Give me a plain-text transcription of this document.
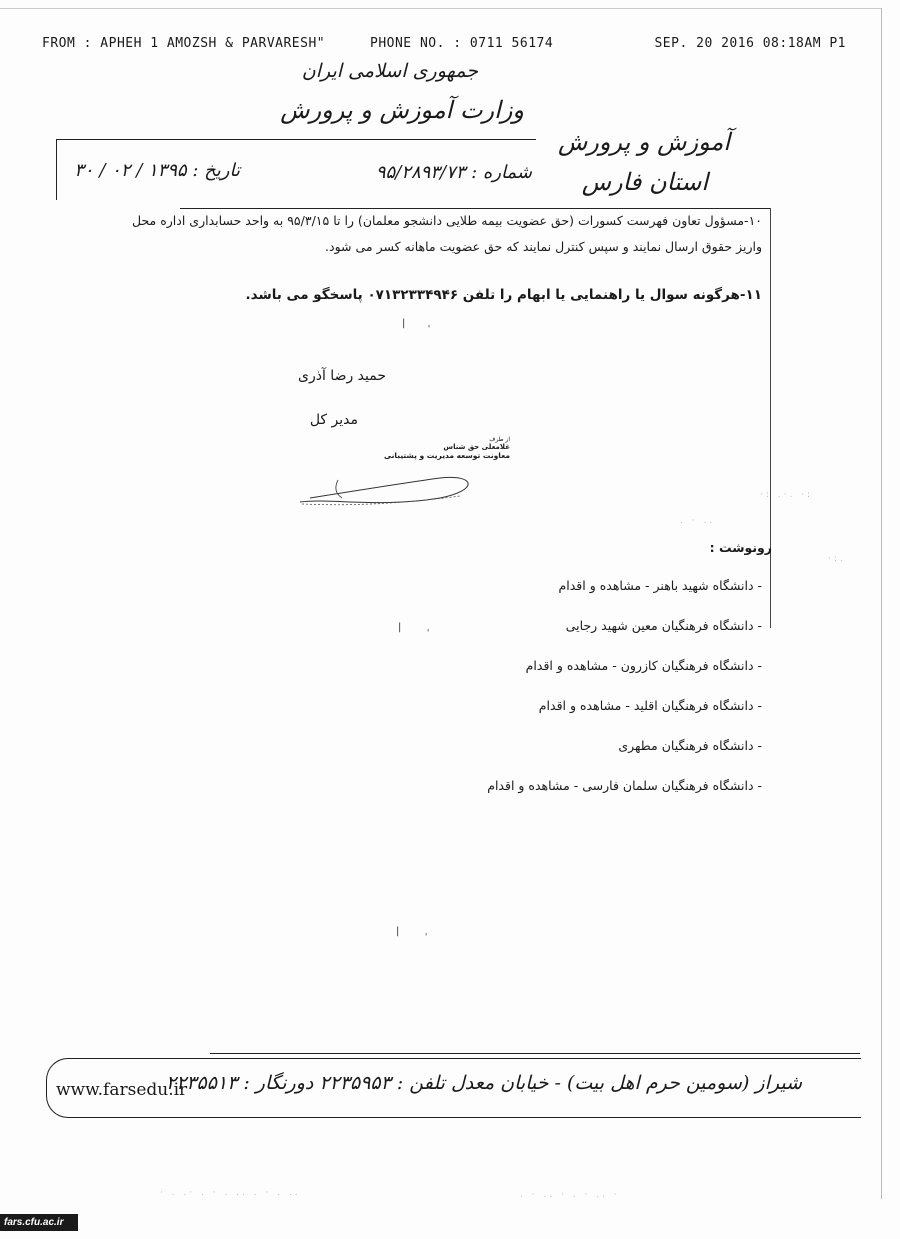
FROM : APHEH 1 AMOZSH & PARVARESH"	PHONE NO. : 0711 56174	SEP. 20 2016 08:18AM P1
جمهوری اسلامی ایران
وزارت آموزش و پرورش
آموزش و پرورش
استان فارس
شماره : ۹۵/۲۸۹۳/۷۳
تاریخ : ۱۳۹۵ / ۰۲ / ۳۰
۱۰-مسؤول تعاون فهرست کسورات (حق عضویت بیمه طلایی دانشجو معلمان) را تا ۹۵/۳/۱۵ به واحد حسابداری اداره محل واریز حقوق ارسال نمایند و سپس کنترل نمایند که حق عضویت ماهانه کسر می شود.
۱۱-هرگونه سوال یا راهنمایی یا ابهام را تلفن ۰۷۱۳۲۳۳۴۹۴۶ پاسخگو می باشد.
|       ˌ
حمید رضا آذری
مدیر کل
از طرف
غلامعلی حق شناس
معاونت توسعه مدیریت و پشتیبانی
رونوشت :
- دانشگاه شهید باهنر - مشاهده و اقدام
- دانشگاه فرهنگیان معین شهید رجایی
- دانشگاه فرهنگیان کازرون - مشاهده و اقدام
- دانشگاه فرهنگیان اقلید - مشاهده و اقدام
- دانشگاه فرهنگیان مطهری
- دانشگاه فرهنگیان سلمان فارسی - مشاهده و اقدام
|        ˌ
|        ˌ
·: .·. ·:
. · ..
·:.
· . .· . · . .. . · . ..	. · .. · . · .. ·
شیراز (سومین حرم اهل بیت) - خیابان معدل تلفن : ۲۲۳۵۹۵۳ دورنگار : ۲۲۳۵۵۱۳
www.farsedu.ir
fars.cfu.ac.ir
